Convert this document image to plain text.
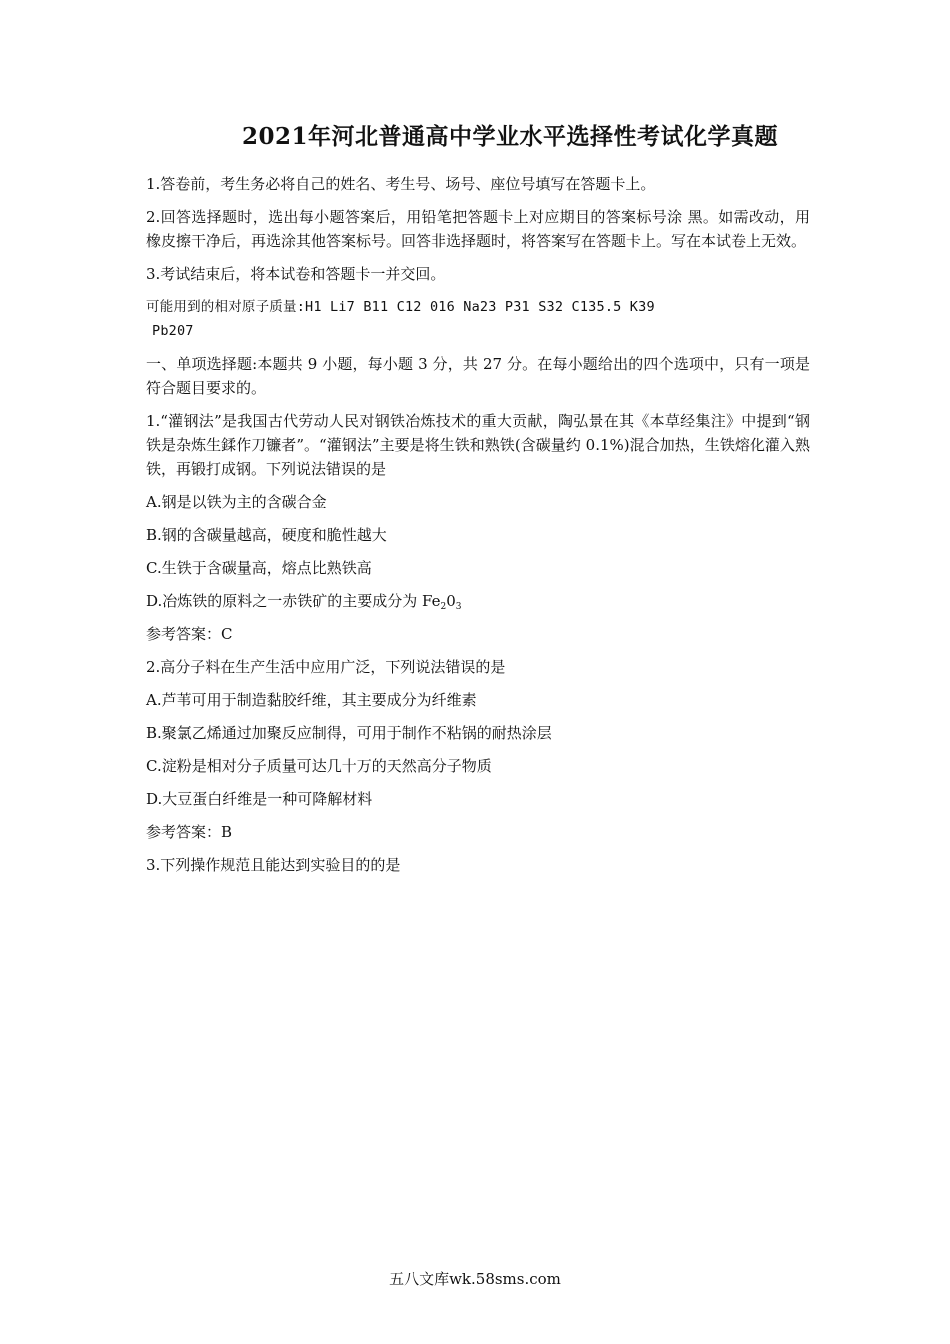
2021年河北普通高中学业水平选择性考试化学真题

1.答卷前，考生务必将自己的姓名、考生号、场号、座位号填写在答题卡上。

2.回答选择题时，选出每小题答案后，用铅笔把答题卡上对应期目的答案标号涂 黑。如需改动，用橡皮擦干净后，再选涂其他答案标号。回答非选择题时，将答案写在答题卡上。写在本试卷上无效。

3.考试结束后，将本试卷和答题卡一并交回。

可能用到的相对原子质量:H1 Li7 B11 C12 016 Na23 P31 S32 C135.5 K39

Pb207

一、单项选择题:本题共 9 小题，每小题 3 分，共 27 分。在每小题给出的四个选项中，只有一项是符合题目要求的。

1.“灌钢法”是我国古代劳动人民对钢铁冶炼技术的重大贡献，陶弘景在其《本草经集注》中提到“钢铁是杂炼生鍒作刀镰者”。“灌钢法”主要是将生铁和熟铁(含碳量约 0.1%)混合加热，生铁熔化灌入熟铁，再锻打成钢。下列说法错误的是

A.钢是以铁为主的含碳合金

B.钢的含碳量越高，硬度和脆性越大

C.生铁于含碳量高，熔点比熟铁高

D.冶炼铁的原料之一赤铁矿的主要成分为 $Fe_20_3$

参考答案：C

2.高分子料在生产生活中应用广泛，下列说法错误的是

A.芦苇可用于制造黏胶纤维，其主要成分为纤维素

B.聚氯乙烯通过加聚反应制得，可用于制作不粘锅的耐热涂层

C.淀粉是相对分子质量可达几十万的天然高分子物质

D.大豆蛋白纤维是一种可降解材料

参考答案：B

3.下列操作规范且能达到实验目的的是

五八文库wk.58sms.com
